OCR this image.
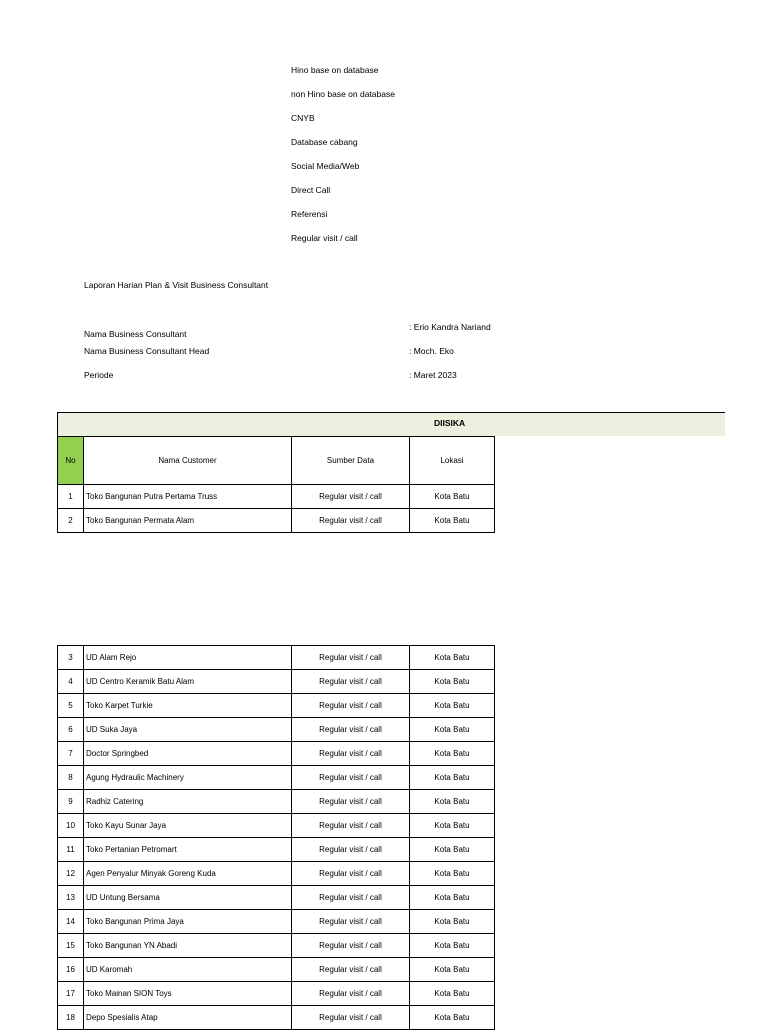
Hino base on database
non Hino base on database
CNYB
Database cabang
Social Media/Web
Direct Call
Referensi
Regular visit / call
Laporan Harian Plan & Visit Business Consultant
Nama Business Consultant
: Erio Kandra Nariand
Nama Business Consultant Head	: Moch. Eko
Periode	: Maret 2023
DIISIKA
No	Nama Customer	Sumber Data	Lokasi
1	Toko Bangunan Putra Pertama Truss	Regular visit / call	Kota Batu
2	Toko Bangunan Permata Alam	Regular visit / call	Kota Batu
3	UD Alam Rejo	Regular visit / call	Kota Batu
4	UD Centro Keramik Batu Alam	Regular visit / call	Kota Batu
5	Toko Karpet Turkie	Regular visit / call	Kota Batu
6	UD Suka Jaya	Regular visit / call	Kota Batu
7	Doctor Springbed	Regular visit / call	Kota Batu
8	Agung Hydraulic Machinery	Regular visit / call	Kota Batu
9	Radhiz Catering	Regular visit / call	Kota Batu
10	Toko Kayu Sunar Jaya	Regular visit / call	Kota Batu
11	Toko Pertanian Petromart	Regular visit / call	Kota Batu
12	Agen Penyalur Minyak Goreng Kuda	Regular visit / call	Kota Batu
13	UD Untung Bersama	Regular visit / call	Kota Batu
14	Toko Bangunan Prima Jaya	Regular visit / call	Kota Batu
15	Toko Bangunan YN Abadi	Regular visit / call	Kota Batu
16	UD Karomah	Regular visit / call	Kota Batu
17	Toko Mainan SION Toys	Regular visit / call	Kota Batu
18	Depo Spesialis Atap	Regular visit / call	Kota Batu
